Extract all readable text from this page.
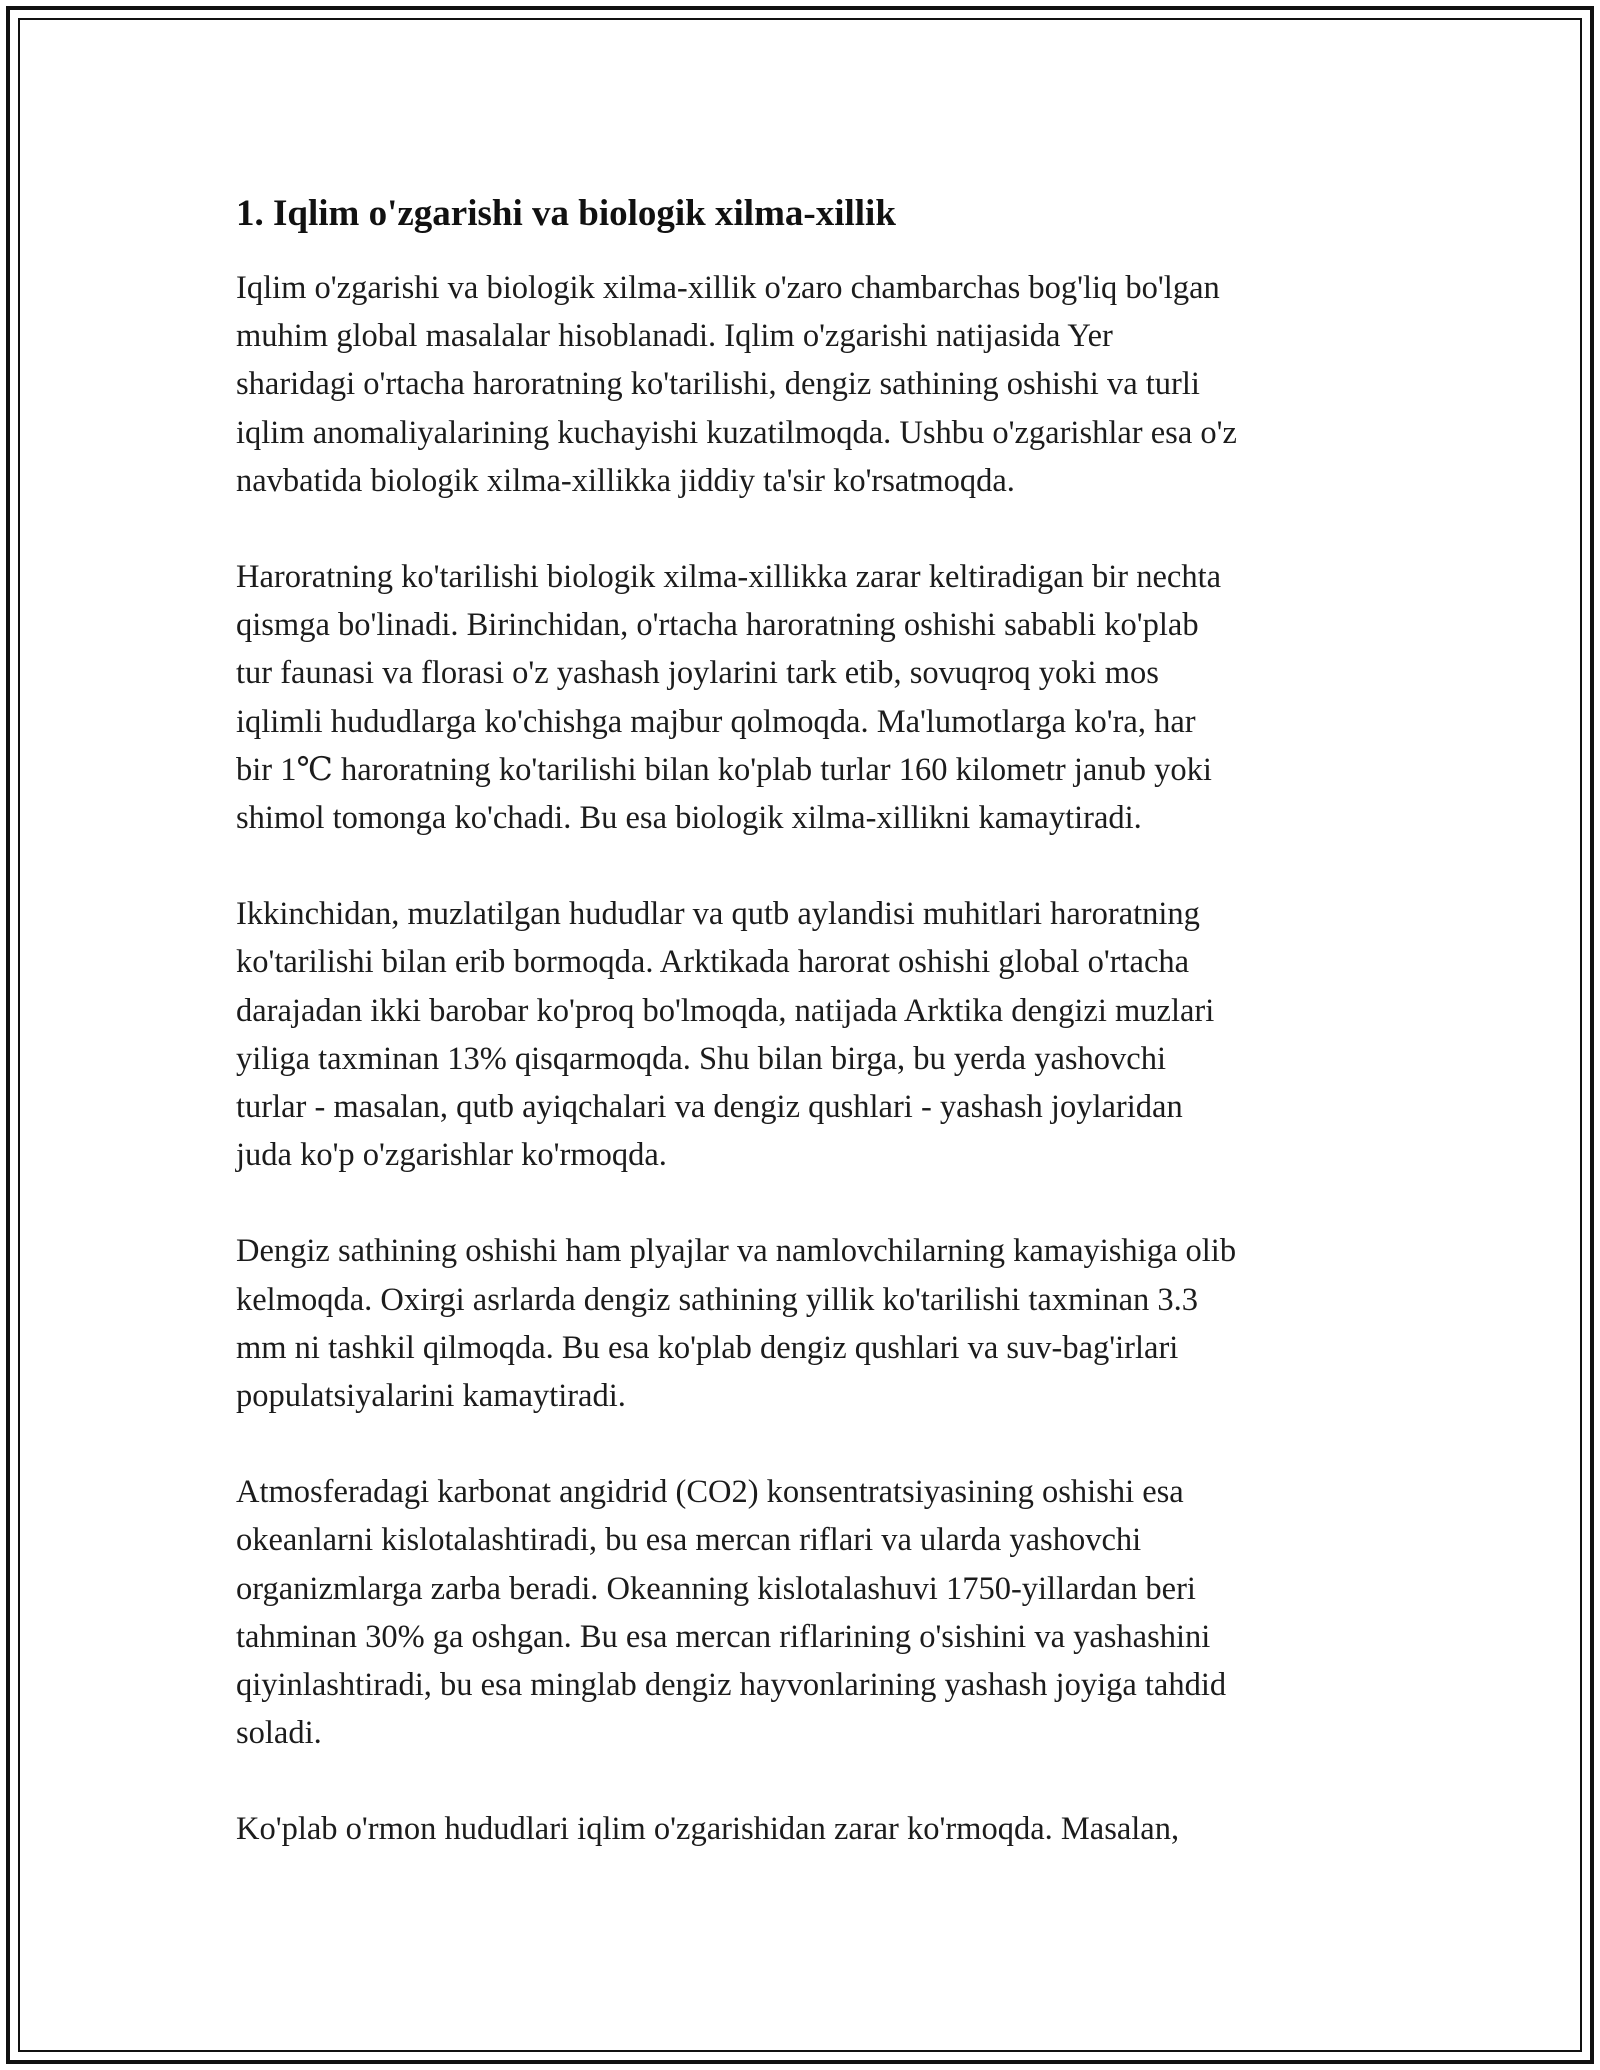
1. Iqlim o'zgarishi va biologik xilma-xillik

Iqlim o'zgarishi va biologik xilma-xillik o'zaro chambarchas bog'liq bo'lgan
muhim global masalalar hisoblanadi. Iqlim o'zgarishi natijasida Yer
sharidagi o'rtacha haroratning ko'tarilishi, dengiz sathining oshishi va turli
iqlim anomaliyalarining kuchayishi kuzatilmoqda. Ushbu o'zgarishlar esa o'z
navbatida biologik xilma-xillikka jiddiy ta'sir ko'rsatmoqda.

Haroratning ko'tarilishi biologik xilma-xillikka zarar keltiradigan bir nechta
qismga bo'linadi. Birinchidan, o'rtacha haroratning oshishi sababli ko'plab
tur faunasi va florasi o'z yashash joylarini tark etib, sovuqroq yoki mos
iqlimli hududlarga ko'chishga majbur qolmoqda. Ma'lumotlarga ko'ra, har
bir 1℃ haroratning ko'tarilishi bilan ko'plab turlar 160 kilometr janub yoki
shimol tomonga ko'chadi. Bu esa biologik xilma-xillikni kamaytiradi.

Ikkinchidan, muzlatilgan hududlar va qutb aylandisi muhitlari haroratning
ko'tarilishi bilan erib bormoqda. Arktikada harorat oshishi global o'rtacha
darajadan ikki barobar ko'proq bo'lmoqda, natijada Arktika dengizi muzlari
yiliga taxminan 13% qisqarmoqda. Shu bilan birga, bu yerda yashovchi
turlar - masalan, qutb ayiqchalari va dengiz qushlari - yashash joylaridan
juda ko'p o'zgarishlar ko'rmoqda.

Dengiz sathining oshishi ham plyajlar va namlovchilarning kamayishiga olib
kelmoqda. Oxirgi asrlarda dengiz sathining yillik ko'tarilishi taxminan 3.3
mm ni tashkil qilmoqda. Bu esa ko'plab dengiz qushlari va suv-bag'irlari
populatsiyalarini kamaytiradi.

Atmosferadagi karbonat angidrid (CO2) konsentratsiyasining oshishi esa
okeanlarni kislotalashtiradi, bu esa mercan riflari va ularda yashovchi
organizmlarga zarba beradi. Okeanning kislotalashuvi 1750-yillardan beri
tahminan 30% ga oshgan. Bu esa mercan riflarining o'sishini va yashashini
qiyinlashtiradi, bu esa minglab dengiz hayvonlarining yashash joyiga tahdid
soladi.

Ko'plab o'rmon hududlari iqlim o'zgarishidan zarar ko'rmoqda. Masalan,
